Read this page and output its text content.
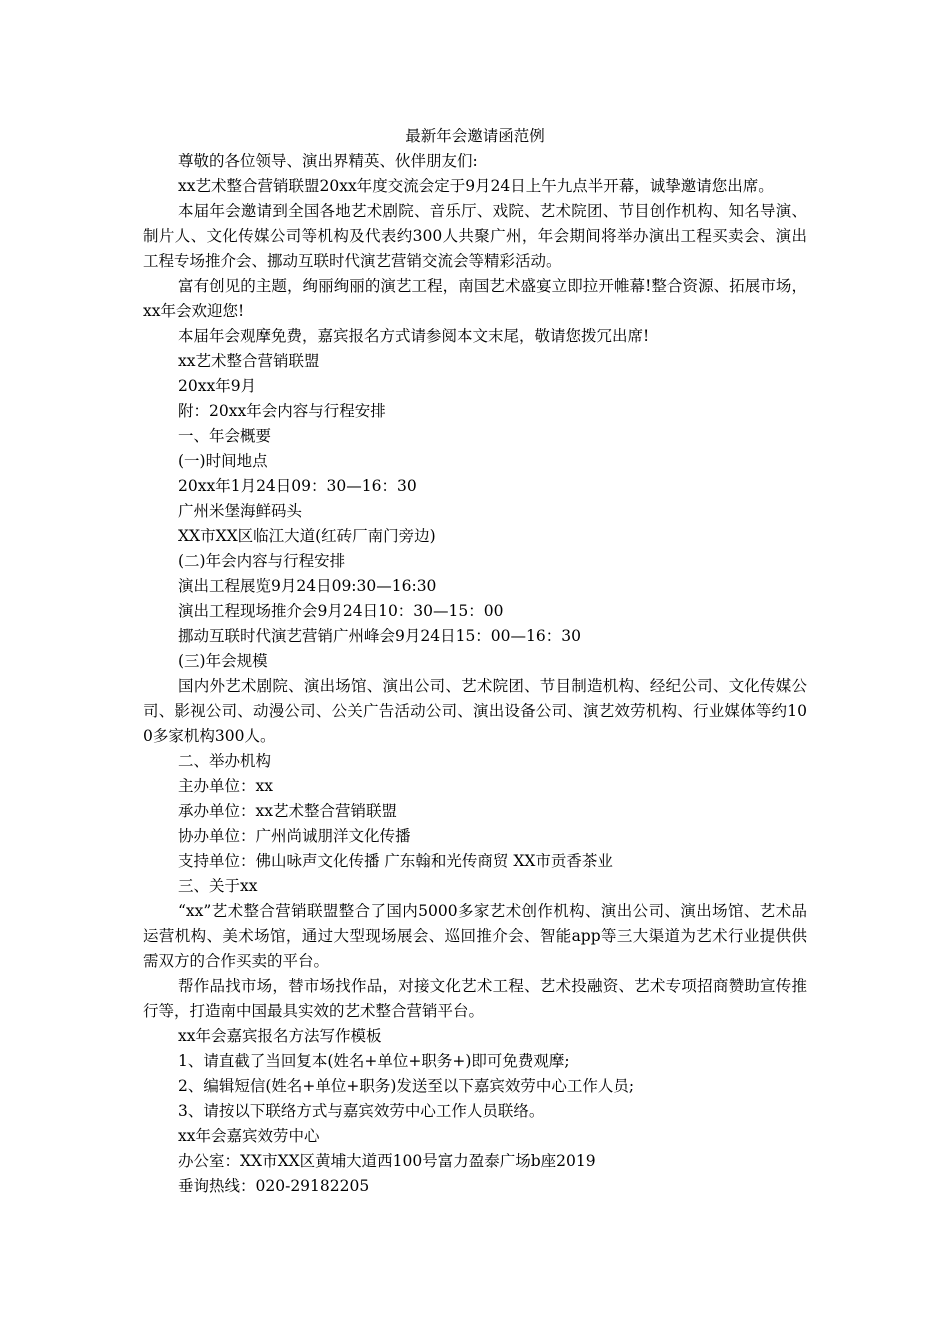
最新年会邀请函范例

尊敬的各位领导、演出界精英、伙伴朋友们:

xx艺术整合营销联盟20xx年度交流会定于9月24日上午九点半开幕，诚挚邀请您出席。

本届年会邀请到全国各地艺术剧院、音乐厅、戏院、艺术院团、节目创作机构、知名导演、制片人、文化传媒公司等机构及代表约300人共聚广州，年会期间将举办演出工程买卖会、演出工程专场推介会、挪动互联时代演艺营销交流会等精彩活动。

富有创见的主题，绚丽绚丽的演艺工程，南国艺术盛宴立即拉开帷幕!整合资源、拓展市场，xx年会欢迎您!

本届年会观摩免费，嘉宾报名方式请参阅本文末尾，敬请您拨冗出席!

xx艺术整合营销联盟

20xx年9月

附：20xx年会内容与行程安排

一、年会概要

(一)时间地点

20xx年1月24日09：30—16：30

广州米堡海鲜码头

XX市XX区临江大道(红砖厂南门旁边)

(二)年会内容与行程安排

演出工程展览9月24日09:30—16:30

演出工程现场推介会9月24日10：30—15：00

挪动互联时代演艺营销广州峰会9月24日15：00—16：30

(三)年会规模

国内外艺术剧院、演出场馆、演出公司、艺术院团、节目制造机构、经纪公司、文化传媒公司、影视公司、动漫公司、公关广告活动公司、演出设备公司、演艺效劳机构、行业媒体等约100多家机构300人。

二、举办机构

主办单位：xx

承办单位：xx艺术整合营销联盟

协办单位：广州尚诚朋洋文化传播

支持单位：佛山咏声文化传播 广东翰和光传商贸 XX市贡香茶业

三、关于xx

“xx”艺术整合营销联盟整合了国内5000多家艺术创作机构、演出公司、演出场馆、艺术品运营机构、美术场馆，通过大型现场展会、巡回推介会、智能app等三大渠道为艺术行业提供供需双方的合作买卖的平台。

帮作品找市场，替市场找作品，对接文化艺术工程、艺术投融资、艺术专项招商赞助宣传推行等，打造南中国最具实效的艺术整合营销平台。

xx年会嘉宾报名方法写作模板

1、请直截了当回复本(姓名+单位+职务+)即可免费观摩;

2、编辑短信(姓名+单位+职务)发送至以下嘉宾效劳中心工作人员;

3、请按以下联络方式与嘉宾效劳中心工作人员联络。

xx年会嘉宾效劳中心

办公室：XX市XX区黄埔大道西100号富力盈泰广场b座2019

垂询热线：020-29182205
